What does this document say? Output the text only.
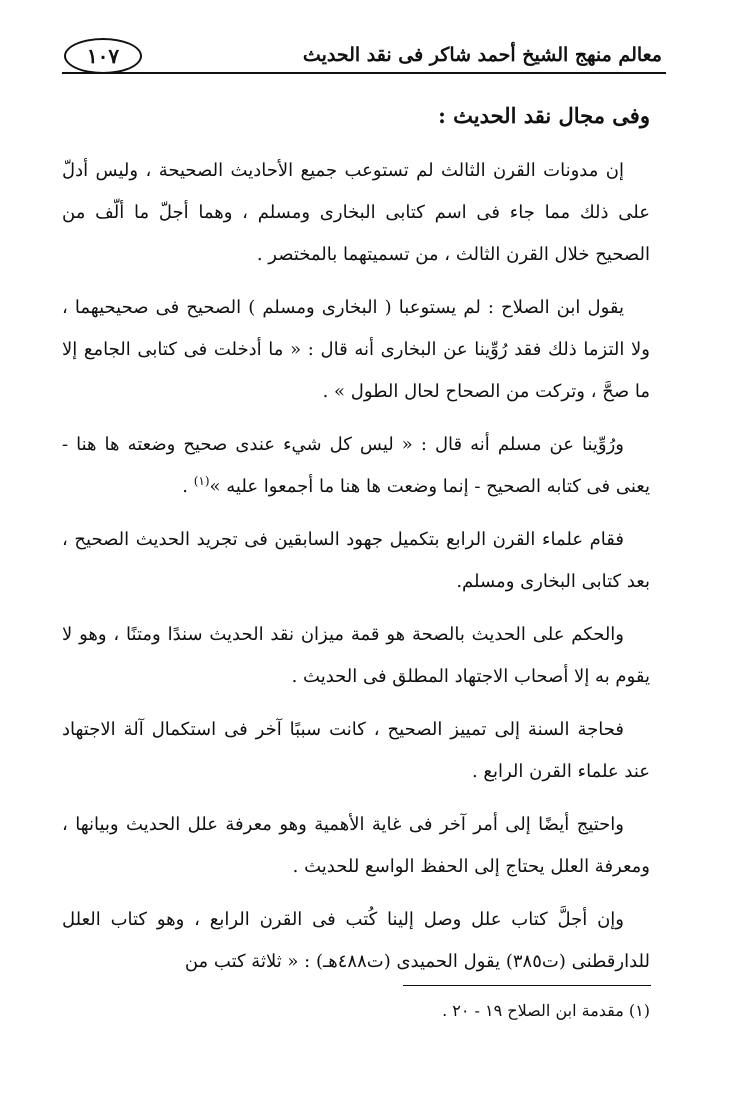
١٠٧	معالم منهج الشيخ أحمد شاكر فى نقد الحديث
وفى مجال نقد الحديث :

إن مدونات القرن الثالث لم تستوعب جميع الأحاديث الصحيحة ، وليس أدلّ على ذلك مما جاء فى اسم كتابى البخارى ومسلم ، وهما أجلّ ما ألّف من الصحيح خلال القرن الثالث ، من تسميتهما بالمختصر .

يقول ابن الصلاح : لم يستوعبا ( البخارى ومسلم ) الصحيح فى صحيحيهما ، ولا التزما ذلك فقد رُوِّينا عن البخارى أنه قال : « ما أدخلت فى كتابى الجامع إلا ما صحَّ ، وتركت من الصحاح لحال الطول » .

ورُوِّينا عن مسلم أنه قال : « ليس كل شيء عندى صحيح وضعته ها هنا - يعنى فى كتابه الصحيح - إنما وضعت ها هنا ما أجمعوا عليه »$^{(١)}$ .

فقام علماء القرن الرابع بتكميل جهود السابقين فى تجريد الحديث الصحيح ، بعد كتابى البخارى ومسلم.

والحكم على الحديث بالصحة هو قمة ميزان نقد الحديث سندًا ومتنًا ، وهو لا يقوم به إلا أصحاب الاجتهاد المطلق فى الحديث .

فحاجة السنة إلى تمييز الصحيح ، كانت سببًا آخر فى استكمال آلة الاجتهاد عند علماء القرن الرابع .

واحتيج أيضًا إلى أمر آخر فى غاية الأهمية وهو معرفة علل الحديث وبيانها ، ومعرفة العلل يحتاج إلى الحفظ الواسع للحديث .

وإن أجلَّ كتاب علل وصل إلينا كُتب فى القرن الرابع ، وهو كتاب العلل للدارقطنى (ت٣٨٥) يقول الحميدى (ت٤٨٨هـ) : « ثلاثة كتب من

(١) مقدمة ابن الصلاح ١٩ - ٢٠ .
